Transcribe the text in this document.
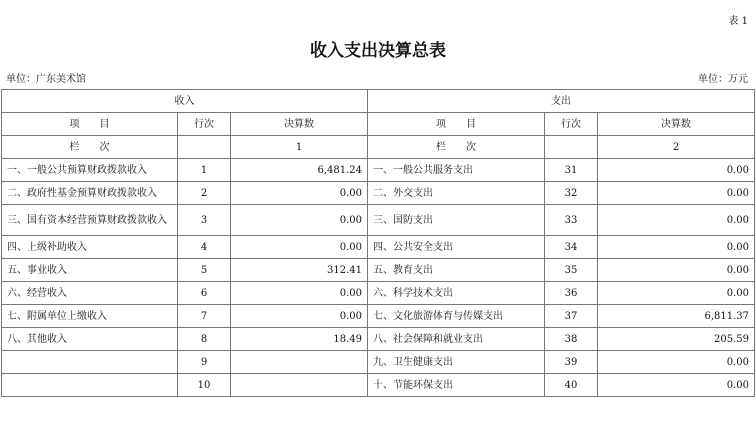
表 1
收入支出决算总表
单位：广东美术馆	单位：万元
收入			支出		
项　　目	行次	决算数	项　　目	行次	决算数
栏　　次		1	栏　　次		2
一、一般公共预算财政拨款收入	1	6,481.24	一、一般公共服务支出	31	0.00
二、政府性基金预算财政拨款收入	2	0.00	二、外交支出	32	0.00
三、国有资本经营预算财政拨款收入	3	0.00	三、国防支出	33	0.00
四、上级补助收入	4	0.00	四、公共安全支出	34	0.00
五、事业收入	5	312.41	五、教育支出	35	0.00
六、经营收入	6	0.00	六、科学技术支出	36	0.00
七、附属单位上缴收入	7	0.00	七、文化旅游体育与传媒支出	37	6,811.37
八、其他收入	8	18.49	八、社会保障和就业支出	38	205.59
	9		九、卫生健康支出	39	0.00
	10		十、节能环保支出	40	0.00
